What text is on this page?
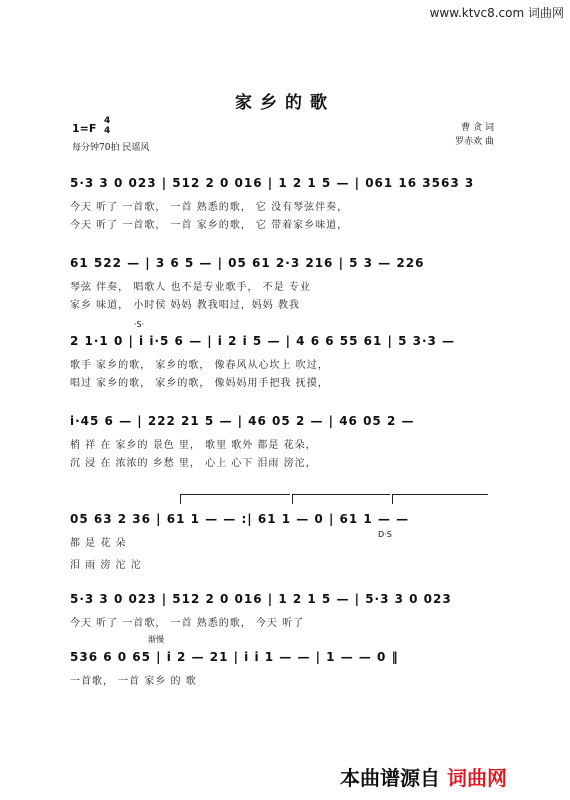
www.ktvc8.com 词曲网
家乡的歌
1=F
4
4
每分钟70拍 民谣风
曹 贪 词
罗赤欢 曲
5·3 3 0 023 | 512 2 0 016 | 1 2 1 5 — | 061 16 3563 3
今天 听了 一首歌， 一首 熟悉的歌， 它 没有琴弦伴奏，
今天 听了 一首歌， 一首 家乡的歌， 它 带着家乡味道，
61 522 — | 3 6 5 — | 05 61 2·3 216 | 5 3 — 226
琴弦 伴奏， 唱歌人 也不是专业歌手， 不是 专业
家乡 味道， 小时侯 妈妈 教我唱过，妈妈 教我
·S·
2 1·1 0 | i i·5 6 — | i 2 i 5 — | 4 6 6 55 61 | 5 3·3 —
歌手 家乡的歌， 家乡的歌， 像春风从心坎上 吹过，
唱过 家乡的歌， 家乡的歌， 像妈妈用手把我 抚摸，
i·45 6 — | 222 21 5 — | 46 05 2 — | 46 05 2 —
梢 祥 在 家乡的 景色 里， 歌里 歌外 都是 花朵，
沉 浸 在 浓浓的 乡愁 里， 心上 心下 泪雨 滂沱，
05 63 2 36 | 61 1 — — :| 61 1 — 0 | 61 1 — —
D·S
都 是 花 朵
泪 雨 滂 沱 沱
5·3 3 0 023 | 512 2 0 016 | 1 2 1 5 — | 5·3 3 0 023
今天 听了 一首歌， 一首 熟悉的歌， 今天 听了
渐慢
536 6 0 65 | i 2 — 21 | i i 1 — — | 1 — — 0 ‖
一首歌， 一首 家乡 的 歌
本曲谱源自 词曲网
